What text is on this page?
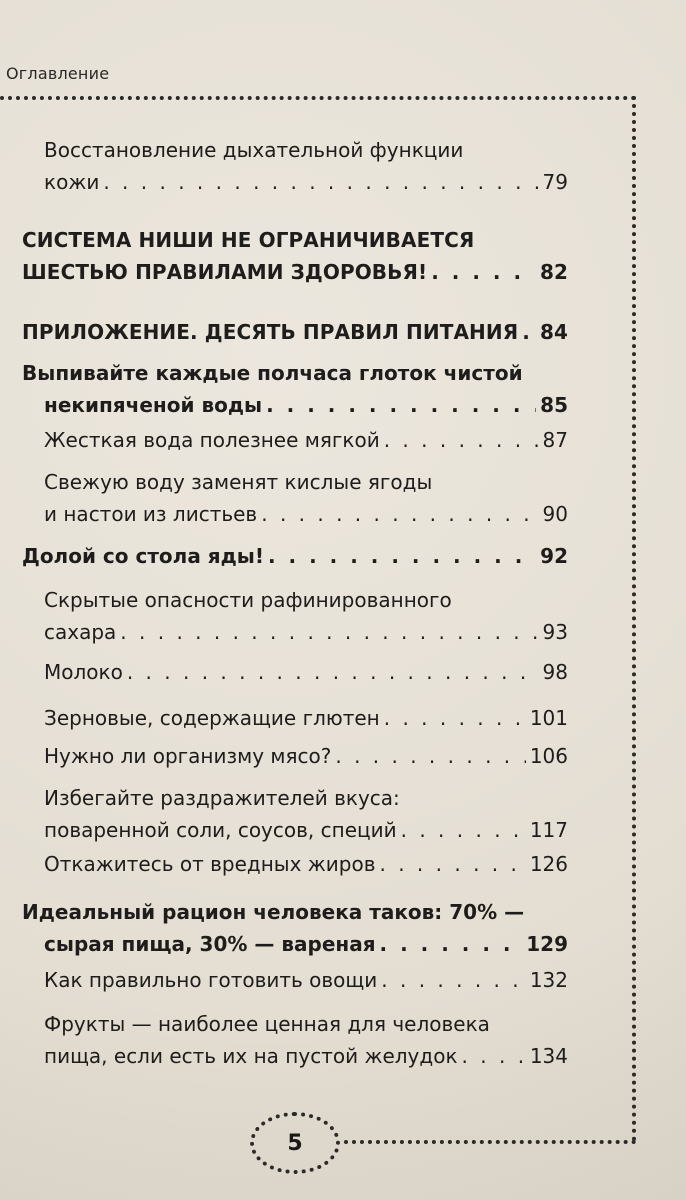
Оглавление
5
Восстановление дыхательной функции
кожи . . .	79
СИСТЕМА НИШИ НЕ ОГРАНИЧИВАЕТСЯ
ШЕСТЬЮ ПРАВИЛАМИ ЗДОРОВЬЯ! . . .	82
ПРИЛОЖЕНИЕ. ДЕСЯТЬ ПРАВИЛ ПИТАНИЯ . . . 84
Выпивайте каждые полчаса глоток чистой
некипяченой воды . . .	85
Жесткая вода полезнее мягкой . . .	87
Свежую воду заменят кислые ягоды
и настои из листьев . . .	90
Долой со стола яды! . . .	92
Скрытые опасности рафинированного
сахара . . .	93
Молоко . . .	98
Зерновые, содержащие глютен . . .	101
Нужно ли организму мясо? . . .	106
Избегайте раздражителей вкуса:
поваренной соли, соусов, специй . . .	117
Откажитесь от вредных жиров . . .	126
Идеальный рацион человека таков: 70% —
сырая пища, 30% — вареная . . .	129
Как правильно готовить овощи . . .	132
Фрукты — наиболее ценная для человека
пища, если есть их на пустой желудок . . .	134
